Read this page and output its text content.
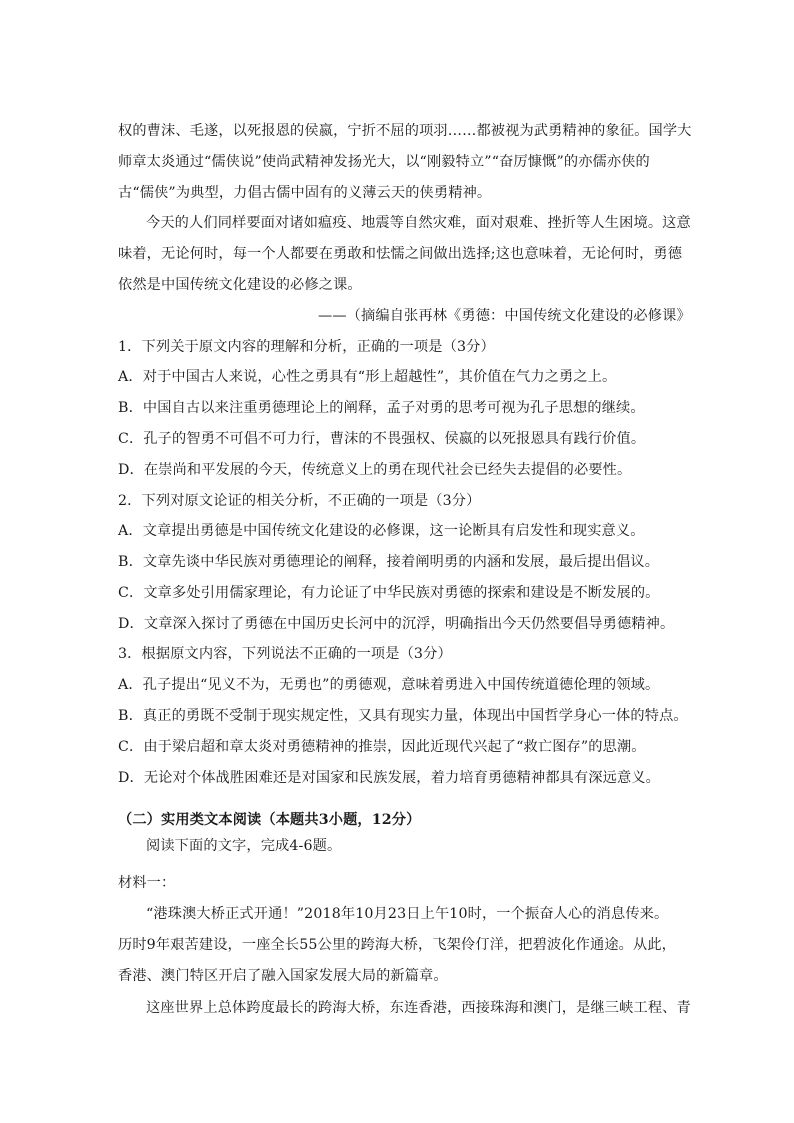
权的曹沫、毛遂，以死报恩的侯嬴，宁折不屈的项羽……都被视为武勇精神的象征。国学大
师章太炎通过“儒侠说”使尚武精神发扬光大，以“刚毅特立”“奋厉慷慨”的亦儒亦侠的
古“儒侠”为典型，力倡古儒中固有的义薄云天的侠勇精神。
今天的人们同样要面对诸如瘟疫、地震等自然灾难，面对艰难、挫折等人生困境。这意
味着，无论何时，每一个人都要在勇敢和怯懦之间做出选择;这也意味着，无论何时，勇德
依然是中国传统文化建设的必修之课。
——（摘编自张再林《勇德：中国传统文化建设的必修课》
1．下列关于原文内容的理解和分析，正确的一项是（3分）
A．对于中国古人来说，心性之勇具有“形上超越性”，其价值在气力之勇之上。
B．中国自古以来注重勇德理论上的阐释，孟子对勇的思考可视为孔子思想的继续。
C．孔子的智勇不可倡不可力行，曹沫的不畏强权、侯嬴的以死报恩具有践行价值。
D．在崇尚和平发展的今天，传统意义上的勇在现代社会已经失去提倡的必要性。
2．下列对原文论证的相关分析，不正确的一项是（3分）
A．文章提出勇德是中国传统文化建设的必修课，这一论断具有启发性和现实意义。
B．文章先谈中华民族对勇德理论的阐释，接着阐明勇的内涵和发展，最后提出倡议。
C．文章多处引用儒家理论，有力论证了中华民族对勇德的探索和建设是不断发展的。
D．文章深入探讨了勇德在中国历史长河中的沉浮，明确指出今天仍然要倡导勇德精神。
3．根据原文内容，下列说法不正确的一项是（3分）
A．孔子提出“见义不为，无勇也”的勇德观，意味着勇进入中国传统道德伦理的领域。
B．真正的勇既不受制于现实规定性，又具有现实力量，体现出中国哲学身心一体的特点。
C．由于梁启超和章太炎对勇德精神的推崇，因此近现代兴起了“救亡图存”的思潮。
D．无论对个体战胜困难还是对国家和民族发展，着力培育勇德精神都具有深远意义。
（二）实用类文本阅读（本题共3小题，12分）
阅读下面的文字，完成4-6题。
材料一：
“港珠澳大桥正式开通！”2018年10月23日上午10时，一个振奋人心的消息传来。
历时9年艰苦建设，一座全长55公里的跨海大桥，飞架伶仃洋，把碧波化作通途。从此，
香港、澳门特区开启了融入国家发展大局的新篇章。
这座世界上总体跨度最长的跨海大桥，东连香港，西接珠海和澳门，是继三峡工程、青
